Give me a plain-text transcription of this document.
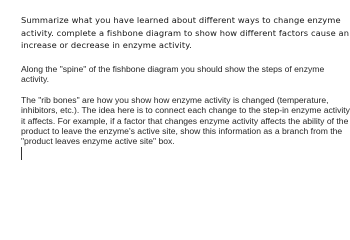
Summarize what you have learned about different ways to change enzyme
activity. complete a fishbone diagram to show how different factors cause an
increase or decrease in enzyme activity.

Along the "spine" of the fishbone diagram you should show the steps of enzyme
activity.

The "rib bones" are how you show how enzyme activity is changed (temperature,
inhibitors, etc.). The idea here is to connect each change to the step-in enzyme activity
it affects. For example, if a factor that changes enzyme activity affects the ability of the
product to leave the enzyme's active site, show this information as a branch from the
"product leaves enzyme active site" box.
